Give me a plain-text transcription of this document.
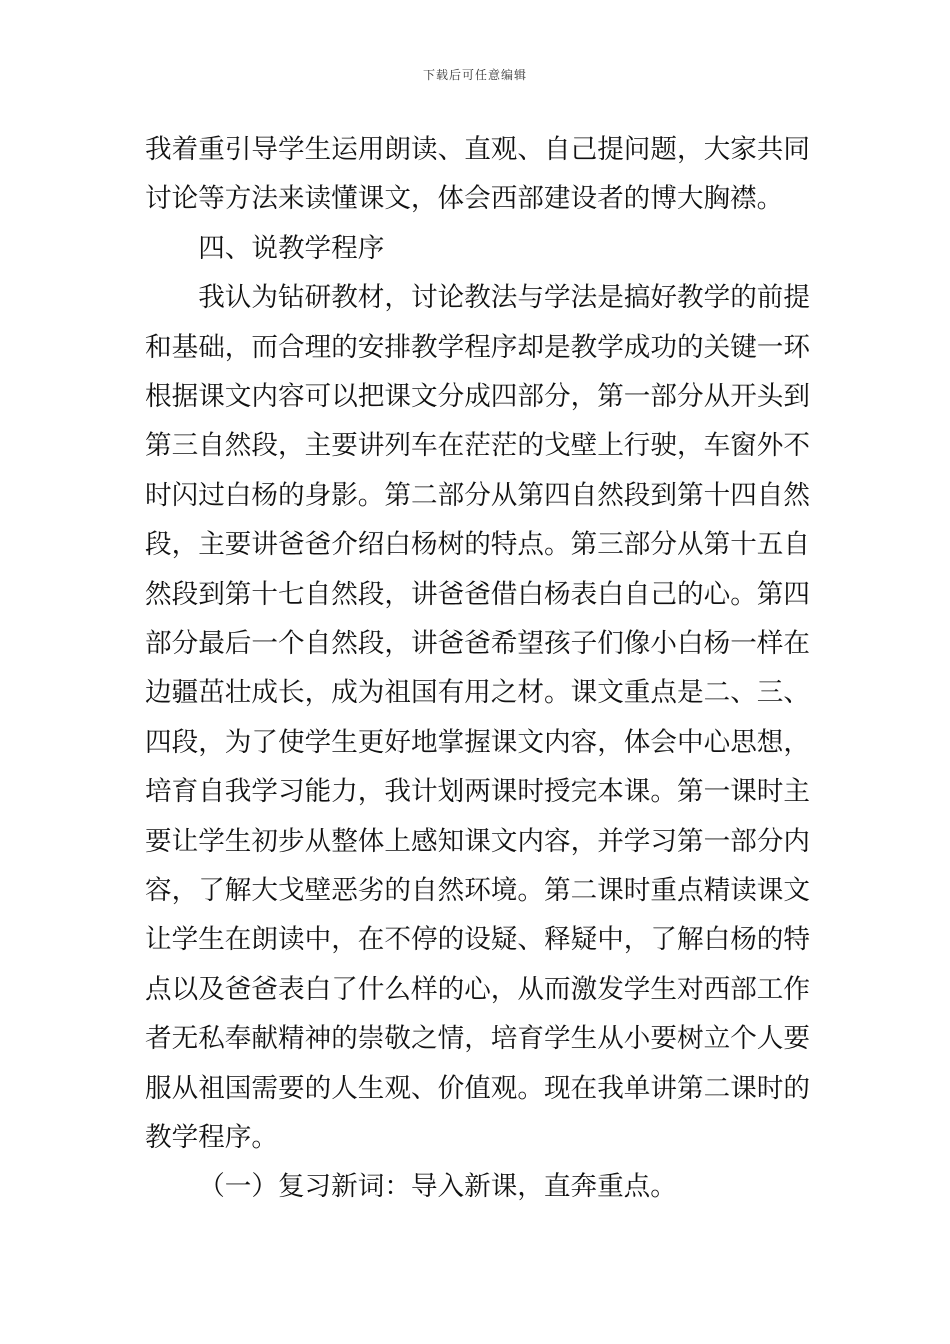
下载后可任意编辑
我着重引导学生运用朗读、直观、自己提问题，大家共同
讨论等方法来读懂课文，体会西部建设者的博大胸襟。
四、说教学程序
我认为钻研教材，讨论教法与学法是搞好教学的前提
和基础，而合理的安排教学程序却是教学成功的关键一环
根据课文内容可以把课文分成四部分，第一部分从开头到
第三自然段，主要讲列车在茫茫的戈壁上行驶，车窗外不
时闪过白杨的身影。第二部分从第四自然段到第十四自然
段，主要讲爸爸介绍白杨树的特点。第三部分从第十五自
然段到第十七自然段，讲爸爸借白杨表白自己的心。第四
部分最后一个自然段，讲爸爸希望孩子们像小白杨一样在
边疆茁壮成长，成为祖国有用之材。课文重点是二、三、
四段，为了使学生更好地掌握课文内容，体会中心思想，
培育自我学习能力，我计划两课时授完本课。第一课时主
要让学生初步从整体上感知课文内容，并学习第一部分内
容，了解大戈壁恶劣的自然环境。第二课时重点精读课文
让学生在朗读中，在不停的设疑、释疑中，了解白杨的特
点以及爸爸表白了什么样的心，从而激发学生对西部工作
者无私奉献精神的崇敬之情，培育学生从小要树立个人要
服从祖国需要的人生观、价值观。现在我单讲第二课时的
教学程序。
（一）复习新词：导入新课，直奔重点。
